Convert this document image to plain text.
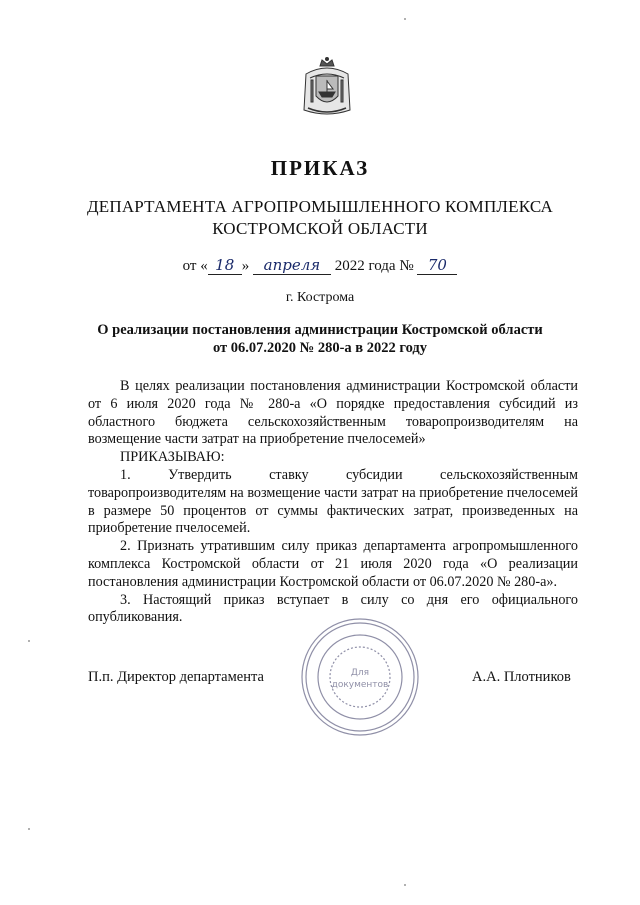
ПРИКАЗ
ДЕПАРТАМЕНТА АГРОПРОМЫШЛЕННОГО КОМПЛЕКСА
КОСТРОМСКОЙ ОБЛАСТИ
от « 18 » апреля 2022 года № 70
г. Кострома
О реализации постановления администрации Костромской области
от 06.07.2020 № 280-а в 2022 году

В целях реализации постановления администрации Костромской области от 6 июля 2020 года № 280-а «О порядке предоставления субсидий из областного бюджета сельскохозяйственным товаропроизводителям на возмещение части затрат на приобретение пчелосемей»

ПРИКАЗЫВАЮ:

1. Утвердить ставку субсидии сельскохозяйственным товаропроизводителям на возмещение части затрат на приобретение пчелосемей в размере 50 процентов от суммы фактических затрат, произведенных на приобретение пчелосемей.

2. Признать утратившим силу приказ департамента агропромышленного комплекса Костромской области от 21 июля 2020 года «О реализации постановления администрации Костромской области от 06.07.2020 № 280-а».

3. Настоящий приказ вступает в силу со дня его официального опубликования.

Для
документов
П.п. Директор департамента	А.А. Плотников
